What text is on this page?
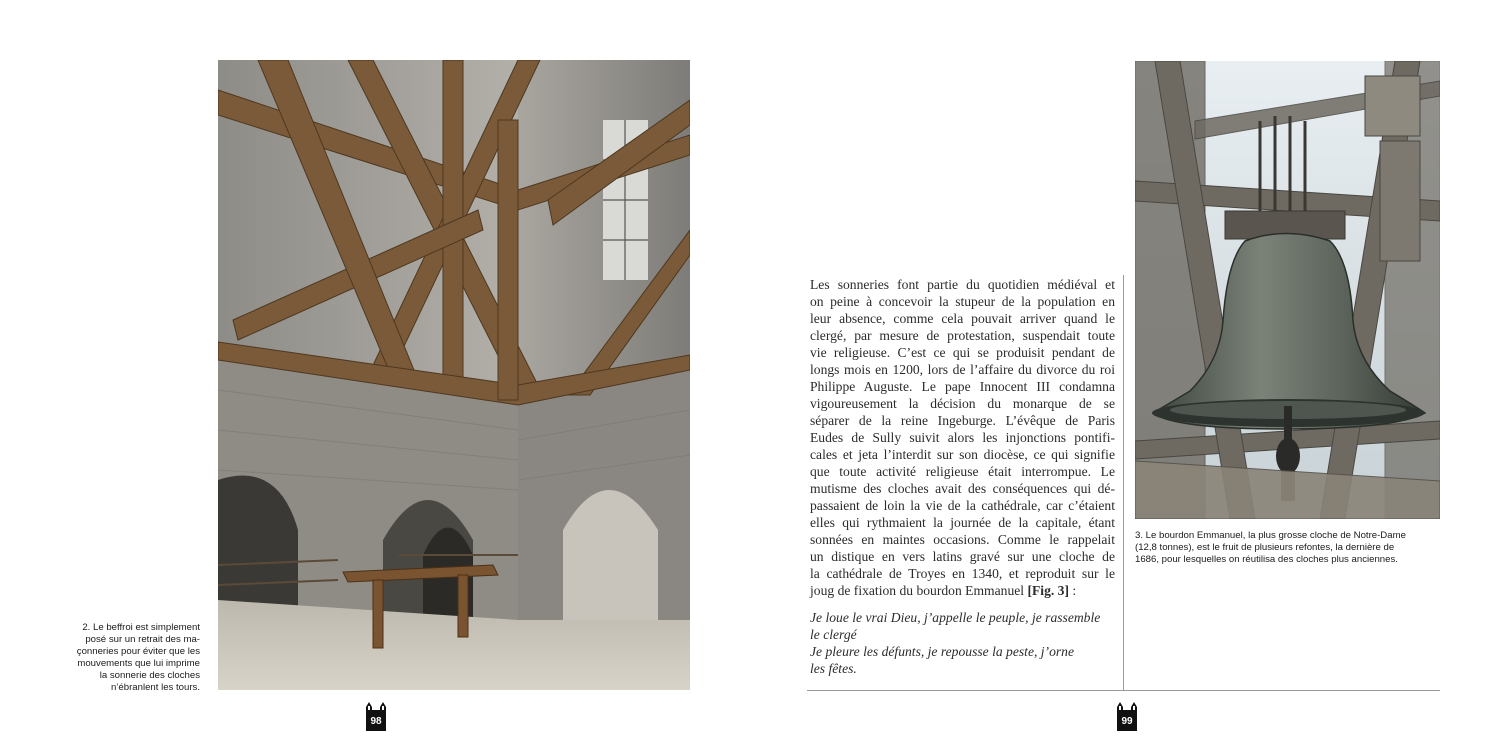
2. Le beffroi est simplement
posé sur un retrait des ma-
çonneries pour éviter que les
mouvements que lui imprime
la sonnerie des cloches
n’ébranlent les tours.
98
Les sonneries font partie du quotidien médiéval et
on peine à concevoir la stupeur de la population en
leur absence, comme cela pouvait arriver quand le
clergé, par mesure de protestation, suspendait toute
vie religieuse. C’est ce qui se produisit pendant de
longs mois en 1200, lors de l’affaire du divorce du roi
Philippe Auguste. Le pape Innocent III condamna
vigoureusement la décision du monarque de se
séparer de la reine Ingeburge. L’évêque de Paris
Eudes de Sully suivit alors les injonctions pontifi-
cales et jeta l’interdit sur son diocèse, ce qui signifie
que toute activité religieuse était interrompue. Le
mutisme des cloches avait des conséquences qui dé-
passaient de loin la vie de la cathédrale, car c’étaient
elles qui rythmaient la journée de la capitale, étant
sonnées en maintes occasions. Comme le rappelait
un distique en vers latins gravé sur une cloche de
la cathédrale de Troyes en 1340, et reproduit sur le
joug de fixation du bourdon Emmanuel [Fig. 3] :
Je loue le vrai Dieu, j’appelle le peuple, je rassemble
le clergé
Je pleure les défunts, je repousse la peste, j’orne
les fêtes.
3. Le bourdon Emmanuel, la plus grosse cloche de Notre-Dame
(12,8 tonnes), est le fruit de plusieurs refontes, la dernière de
1686, pour lesquelles on réutilisa des cloches plus anciennes.
99
